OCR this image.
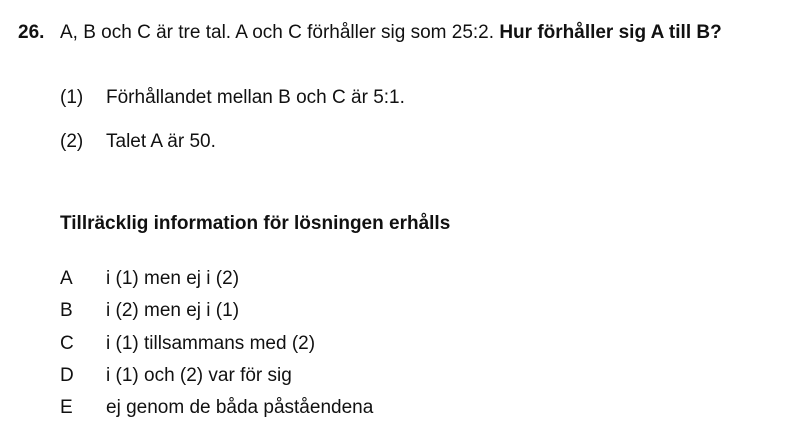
26. A, B och C är tre tal. A och C förhåller sig som 25:2. Hur förhåller sig A till B?
(1) Förhållandet mellan B och C är 5:1.
(2) Talet A är 50.
Tillräcklig information för lösningen erhålls
A i (1) men ej i (2)
B i (2) men ej i (1)
C i (1) tillsammans med (2)
D i (1) och (2) var för sig
E ej genom de båda påståendena
